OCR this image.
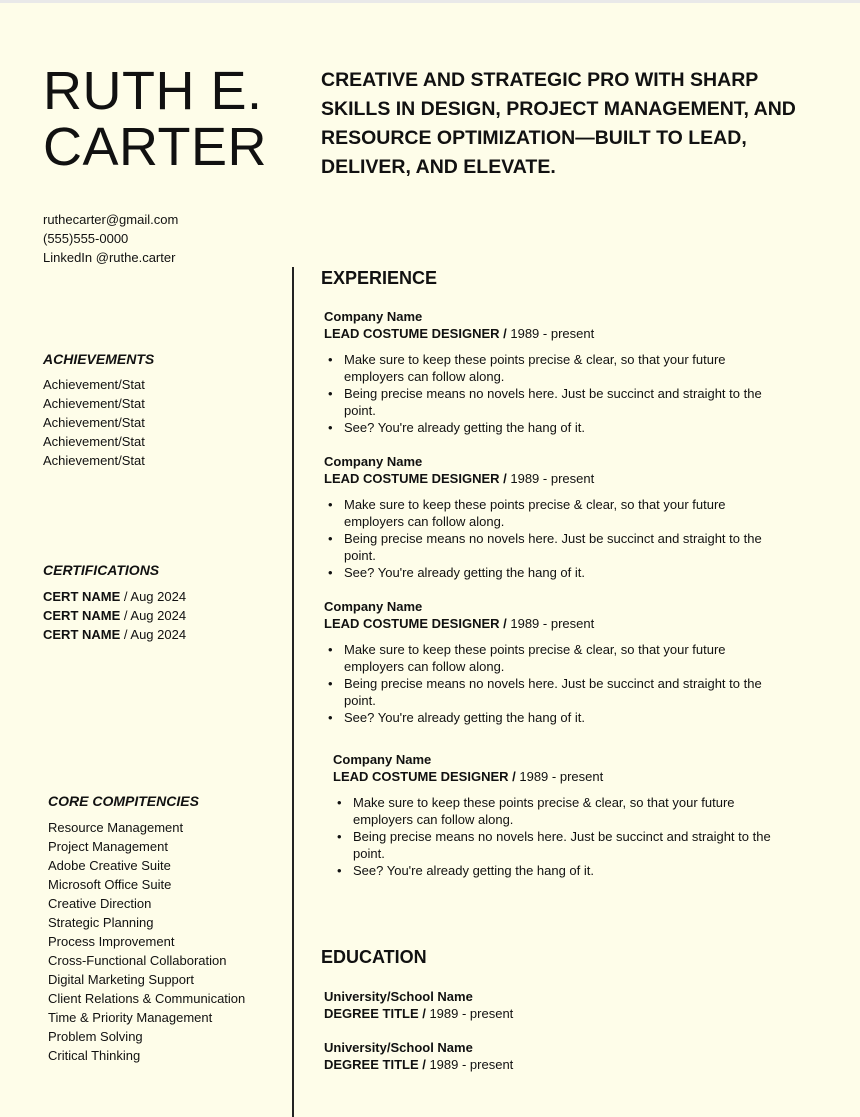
RUTH E.
CARTER

CREATIVE AND STRATEGIC PRO WITH SHARP SKILLS IN DESIGN, PROJECT MANAGEMENT, AND RESOURCE OPTIMIZATION—BUILT TO LEAD, DELIVER, AND ELEVATE.

ruthecarter@gmail.com
(555)555-0000
LinkedIn @ruthe.carter
ACHIEVEMENTS
Achievement/Stat
Achievement/Stat
Achievement/Stat
Achievement/Stat
Achievement/Stat
CERTIFICATIONS
CERT NAME / Aug 2024
CERT NAME / Aug 2024
CERT NAME / Aug 2024
CORE COMPITENCIES
Resource Management
Project Management
Adobe Creative Suite
Microsoft Office Suite
Creative Direction
Strategic Planning
Process Improvement
Cross-Functional Collaboration
Digital Marketing Support
Client Relations & Communication
Time & Priority Management
Problem Solving
Critical Thinking
EXPERIENCE
Company Name
LEAD COSTUME DESIGNER / 1989 - present
• Make sure to keep these points precise & clear, so that your future employers can follow along.
• Being precise means no novels here. Just be succinct and straight to the point.
• See? You're already getting the hang of it.
Company Name
LEAD COSTUME DESIGNER / 1989 - present
• Make sure to keep these points precise & clear, so that your future employers can follow along.
• Being precise means no novels here. Just be succinct and straight to the point.
• See? You're already getting the hang of it.
Company Name
LEAD COSTUME DESIGNER / 1989 - present
• Make sure to keep these points precise & clear, so that your future employers can follow along.
• Being precise means no novels here. Just be succinct and straight to the point.
• See? You're already getting the hang of it.
Company Name
LEAD COSTUME DESIGNER / 1989 - present
• Make sure to keep these points precise & clear, so that your future employers can follow along.
• Being precise means no novels here. Just be succinct and straight to the point.
• See? You're already getting the hang of it.
EDUCATION
University/School Name
DEGREE TITLE / 1989 - present
University/School Name
DEGREE TITLE / 1989 - present
